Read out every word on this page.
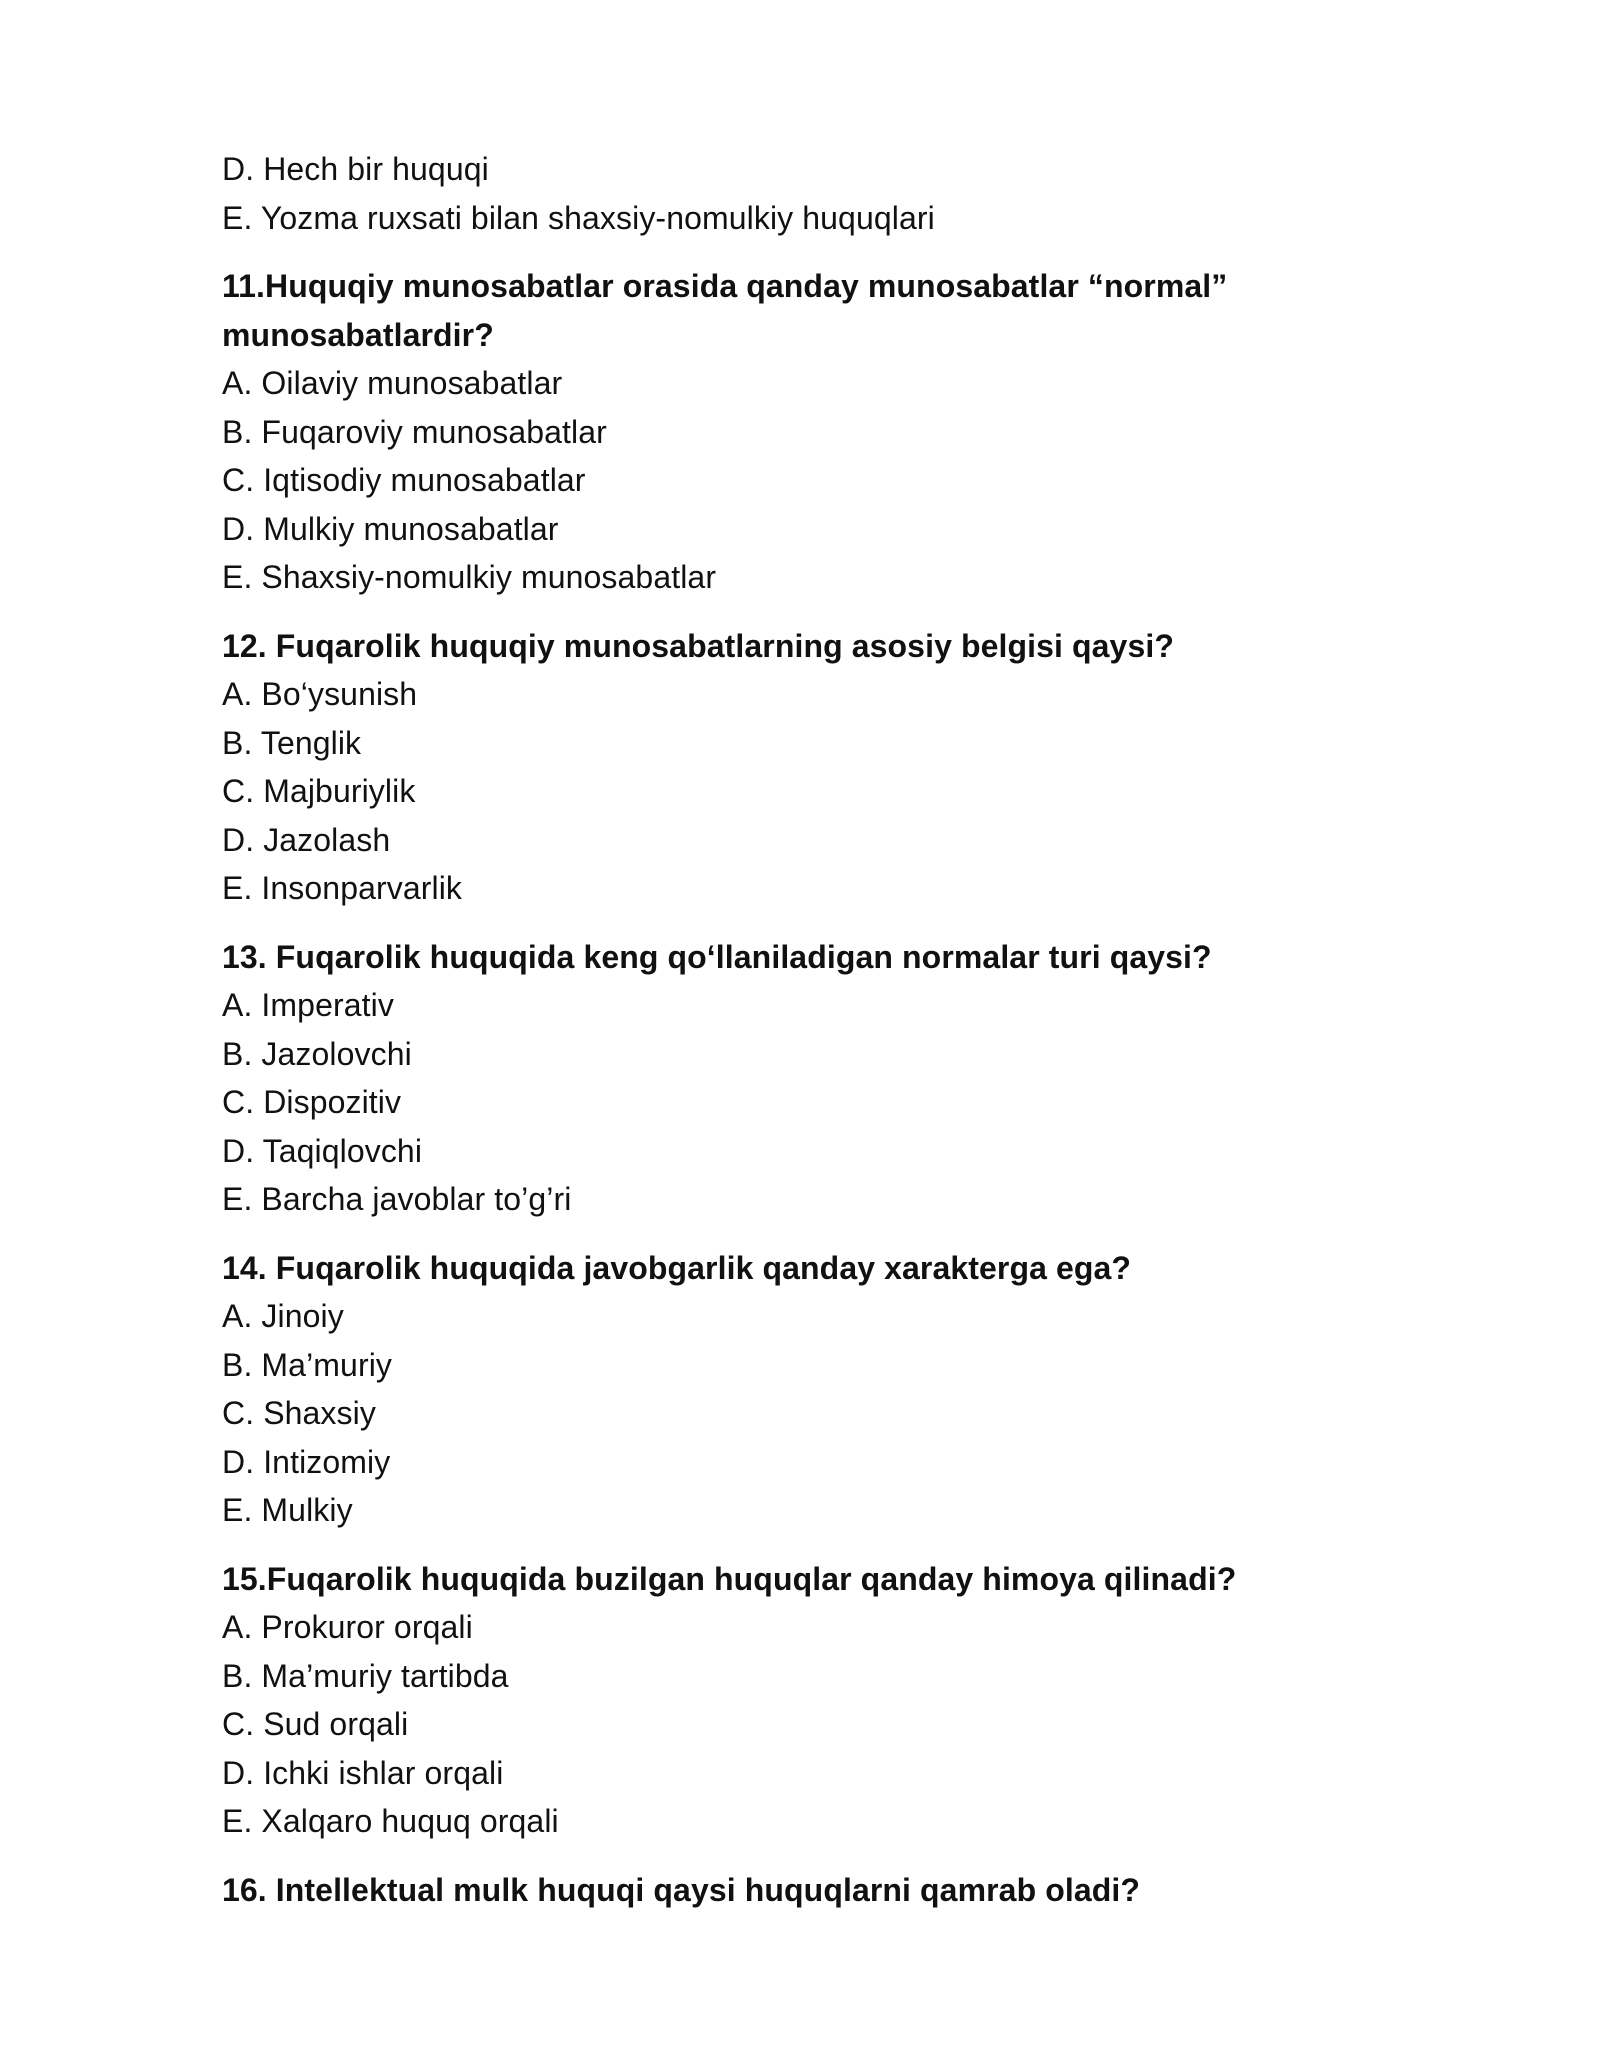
D. Hech bir huquqi
E. Yozma ruxsati bilan shaxsiy-nomulkiy huquqlari
11.Huquqiy munosabatlar orasida qanday munosabatlar “normal” munosabatlardir?
A. Oilaviy munosabatlar
B. Fuqaroviy munosabatlar
C. Iqtisodiy munosabatlar
D. Mulkiy munosabatlar
E. Shaxsiy-nomulkiy munosabatlar
12. Fuqarolik huquqiy munosabatlarning asosiy belgisi qaysi?
A. Bo‘ysunish
B. Tenglik
C. Majburiylik
D. Jazolash
E. Insonparvarlik
13. Fuqarolik huquqida keng qo‘llaniladigan normalar turi qaysi?
A. Imperativ
B. Jazolovchi
C. Dispozitiv
D. Taqiqlovchi
E. Barcha javoblar to’g’ri
14. Fuqarolik huquqida javobgarlik qanday xarakterga ega?
A. Jinoiy
B. Ma’muriy
C. Shaxsiy
D. Intizomiy
E. Mulkiy
15.Fuqarolik huquqida buzilgan huquqlar qanday himoya qilinadi?
A. Prokuror orqali
B. Ma’muriy tartibda
C. Sud orqali
D. Ichki ishlar orqali
E. Xalqaro huquq orqali
16. Intellektual mulk huquqi qaysi huquqlarni qamrab oladi?
